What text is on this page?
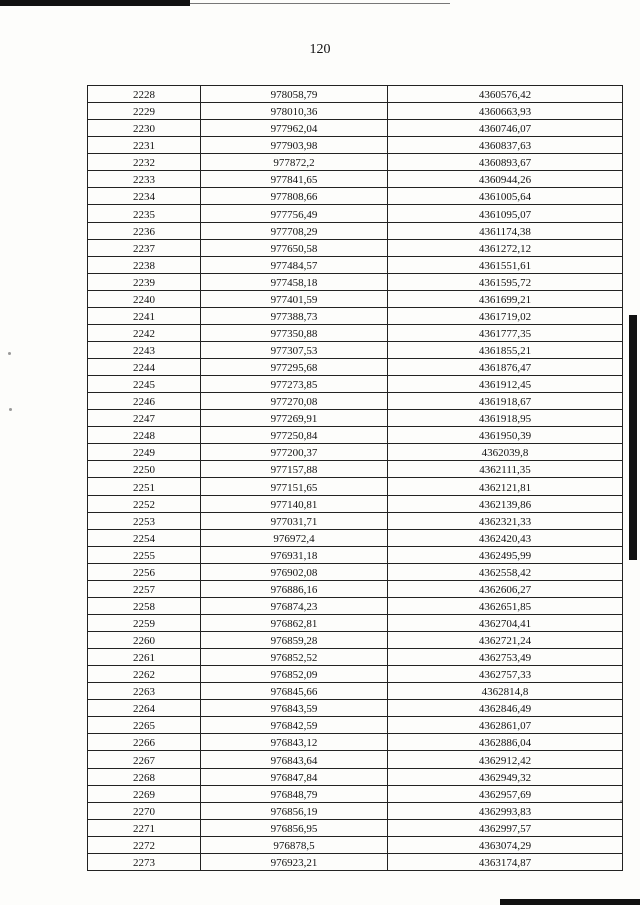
120
2228	978058,79	4360576,42
2229	978010,36	4360663,93
2230	977962,04	4360746,07
2231	977903,98	4360837,63
2232	977872,2	4360893,67
2233	977841,65	4360944,26
2234	977808,66	4361005,64
2235	977756,49	4361095,07
2236	977708,29	4361174,38
2237	977650,58	4361272,12
2238	977484,57	4361551,61
2239	977458,18	4361595,72
2240	977401,59	4361699,21
2241	977388,73	4361719,02
2242	977350,88	4361777,35
2243	977307,53	4361855,21
2244	977295,68	4361876,47
2245	977273,85	4361912,45
2246	977270,08	4361918,67
2247	977269,91	4361918,95
2248	977250,84	4361950,39
2249	977200,37	4362039,8
2250	977157,88	4362111,35
2251	977151,65	4362121,81
2252	977140,81	4362139,86
2253	977031,71	4362321,33
2254	976972,4	4362420,43
2255	976931,18	4362495,99
2256	976902,08	4362558,42
2257	976886,16	4362606,27
2258	976874,23	4362651,85
2259	976862,81	4362704,41
2260	976859,28	4362721,24
2261	976852,52	4362753,49
2262	976852,09	4362757,33
2263	976845,66	4362814,8
2264	976843,59	4362846,49
2265	976842,59	4362861,07
2266	976843,12	4362886,04
2267	976843,64	4362912,42
2268	976847,84	4362949,32
2269	976848,79	4362957,69
2270	976856,19	4362993,83
2271	976856,95	4362997,57
2272	976878,5	4363074,29
2273	976923,21	4363174,87
